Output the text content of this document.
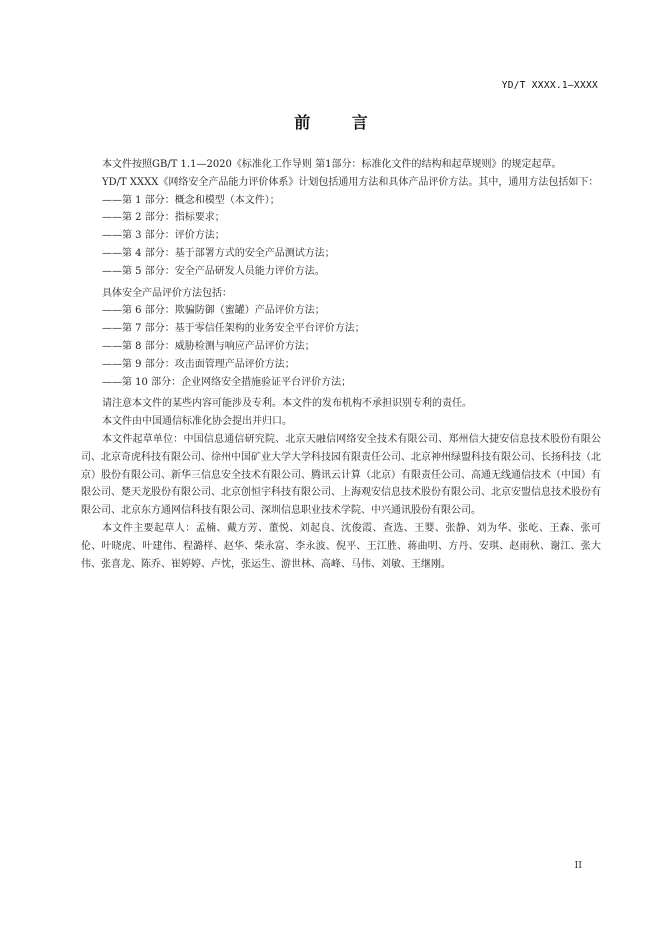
YD/T XXXX.1—XXXX
前 言

本文件按照GB/T 1.1—2020《标准化工作导则 第1部分：标准化文件的结构和起草规则》的规定起草。

YD/T XXXX《网络安全产品能力评价体系》计划包括通用方法和具体产品评价方法。其中，通用方法包括如下：

——第 1 部分：概念和模型（本文件）；
——第 2 部分：指标要求；
——第 3 部分：评价方法；
——第 4 部分：基于部署方式的安全产品测试方法；
——第 5 部分：安全产品研发人员能力评价方法。

具体安全产品评价方法包括：

——第 6 部分：欺骗防御（蜜罐）产品评价方法；
——第 7 部分：基于零信任架构的业务安全平台评价方法；
——第 8 部分：威胁检测与响应产品评价方法；
——第 9 部分：攻击面管理产品评价方法；
——第 10 部分：企业网络安全措施验证平台评价方法；

请注意本文件的某些内容可能涉及专利。本文件的发布机构不承担识别专利的责任。

本文件由中国通信标准化协会提出并归口。

本文件起草单位：中国信息通信研究院、北京天融信网络安全技术有限公司、郑州信大捷安信息技术股份有限公司、北京奇虎科技有限公司、徐州中国矿业大学大学科技园有限责任公司、北京神州绿盟科技有限公司、长扬科技（北京）股份有限公司、新华三信息安全技术有限公司、腾讯云计算（北京）有限责任公司、高通无线通信技术（中国）有限公司、楚天龙股份有限公司、北京创恒宇科技有限公司、上海观安信息技术股份有限公司、北京安盟信息技术股份有限公司、北京东方通网信科技有限公司、深圳信息职业技术学院、中兴通讯股份有限公司。

本文件主要起草人：孟楠、戴方芳、董悦、刘起良、沈俊霞、查选、王婴、张静、刘为华、张屹、王森、张可伦、叶晓虎、叶建伟、程潞样、赵华、柴永富、李永波、倪平、王江胜、蒋曲明、方丹、安琪、赵雨秋、谢江、张大伟、张喜龙、陈乔、崔婷婷、卢忱，张运生、游世林、高峰、马伟、刘敏、王继刚。

II
